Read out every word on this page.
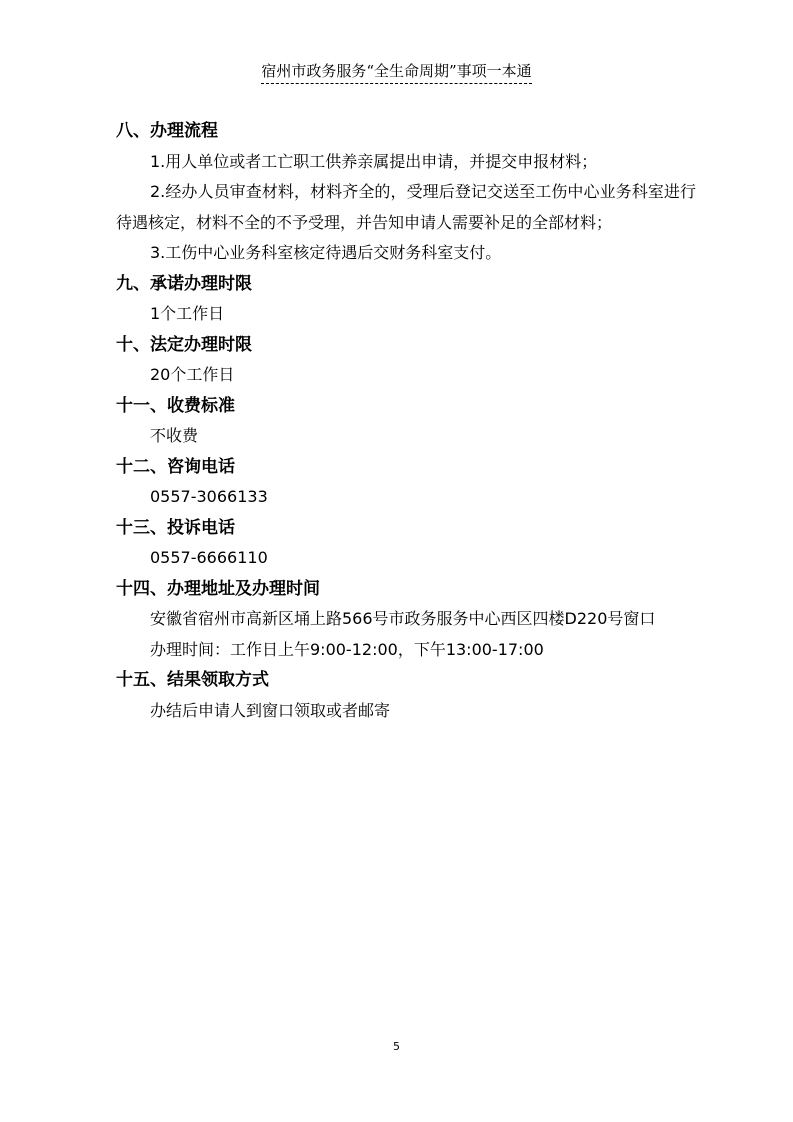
宿州市政务服务“全生命周期”事项一本通

八、办理流程

1.用人单位或者工亡职工供养亲属提出申请，并提交申报材料；

2.经办人员审查材料，材料齐全的，受理后登记交送至工伤中心业务科室进行待遇核定，材料不全的不予受理，并告知申请人需要补足的全部材料；

3.工伤中心业务科室核定待遇后交财务科室支付。

九、承诺办理时限

1个工作日

十、法定办理时限

20个工作日

十一、收费标准

不收费

十二、咨询电话

0557-3066133

十三、投诉电话

0557-6666110

十四、办理地址及办理时间

安徽省宿州市高新区埇上路566号市政务服务中心西区四楼D220号窗口

办理时间：工作日上午9:00-12:00，下午13:00-17:00

十五、结果领取方式

办结后申请人到窗口领取或者邮寄

5
